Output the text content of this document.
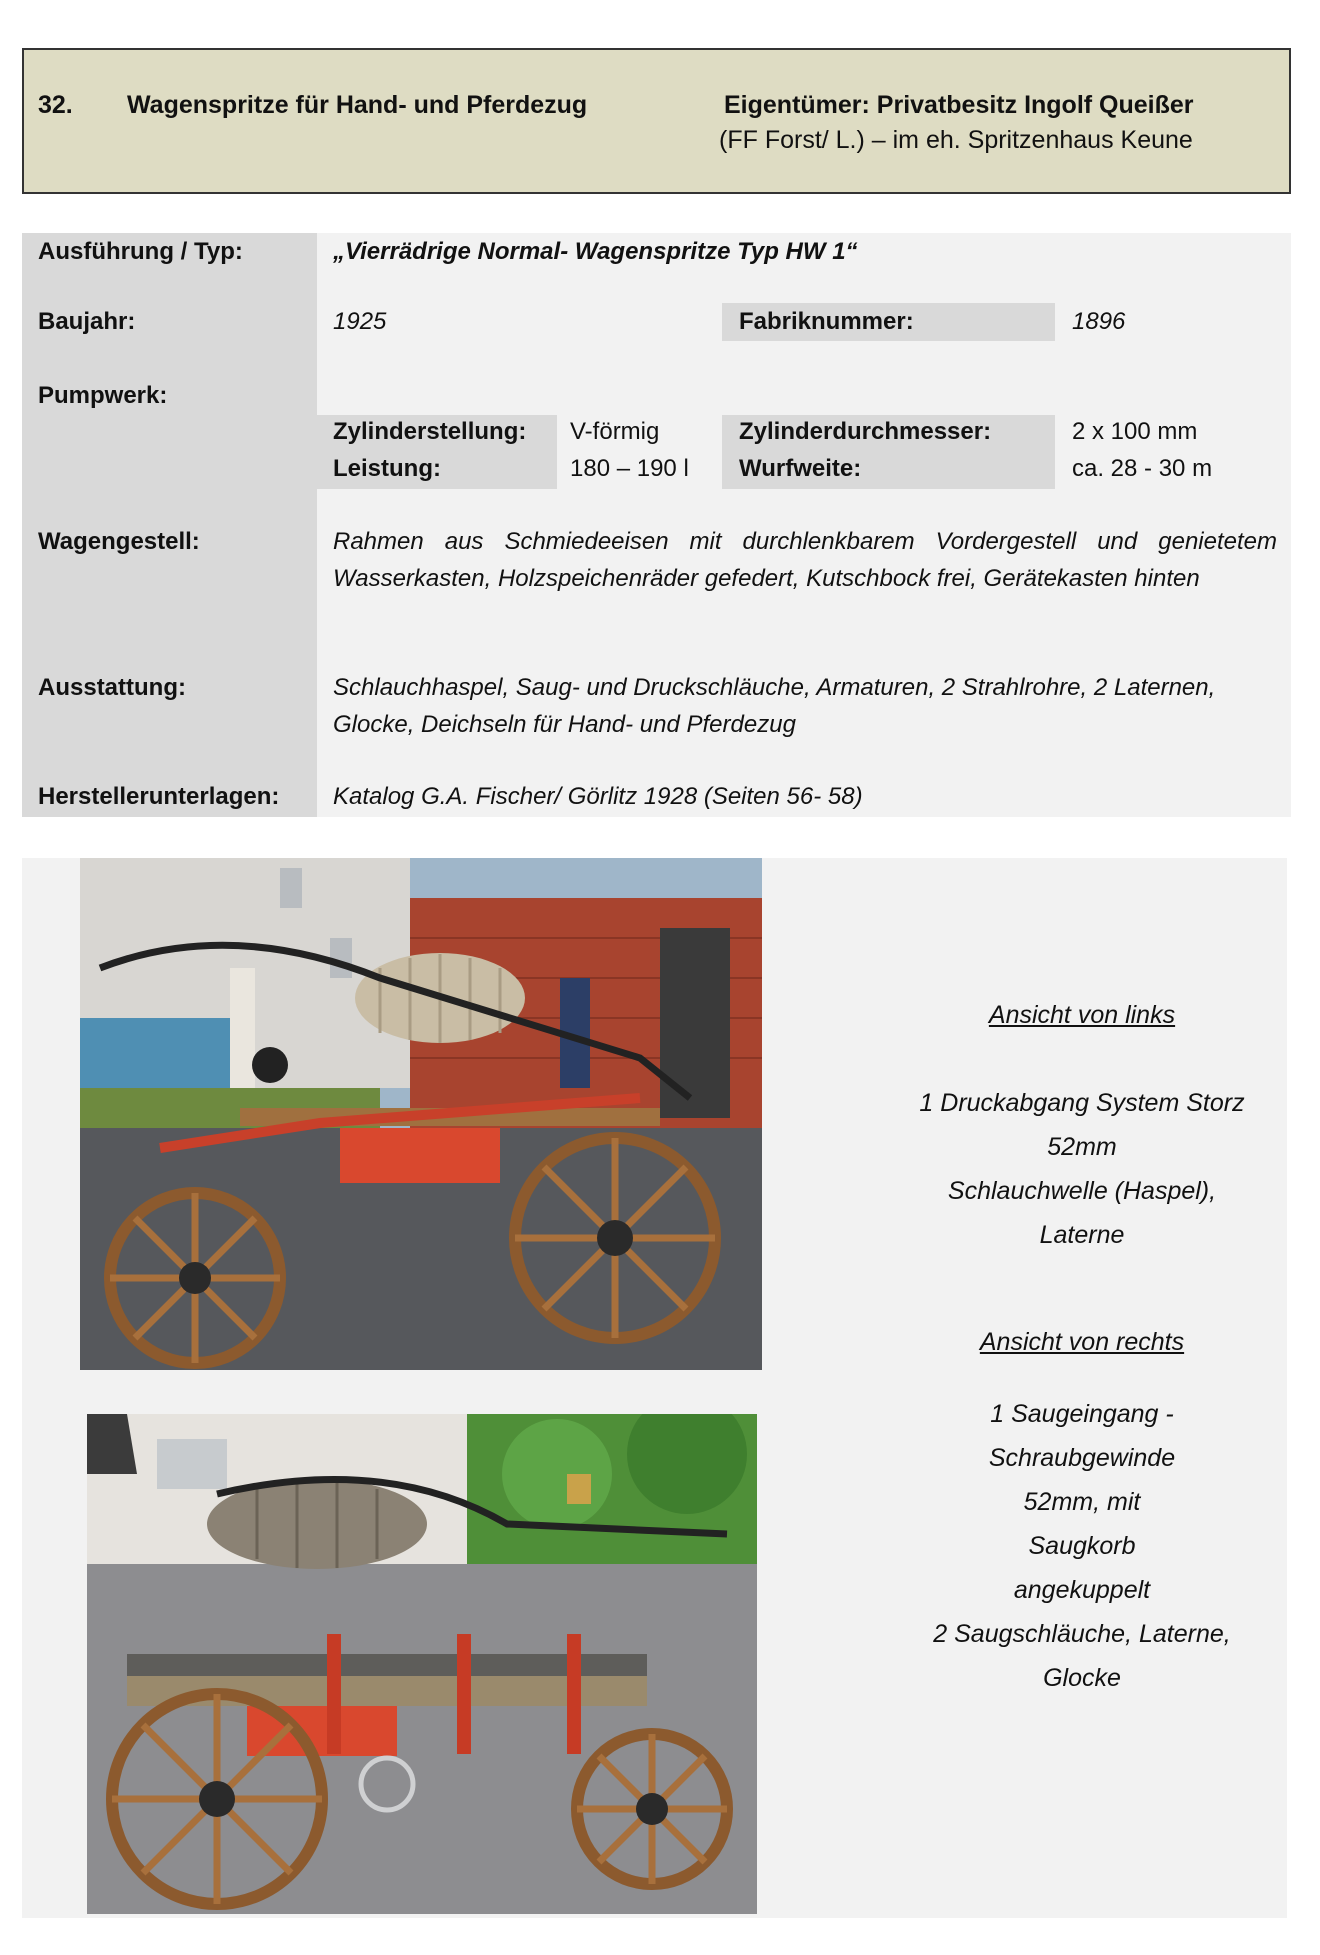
32. Wagenspritze für Hand- und Pferdezug	Eigentümer: Privatbesitz Ingolf Queißer
(FF Forst/ L.) – im eh. Spritzenhaus Keune
Ausführung / Typ:	„Vierrädrige Normal- Wagenspritze Typ HW 1“
Baujahr:	1925	Fabriknummer:	1896
Pumpwerk:
Zylinderstellung: V-förmig	Zylinderdurchmesser:	2 x 100 mm
Leistung:	180 – 190 l Wurfweite:	ca. 28 - 30 m
Wagengestell:	Rahmen aus Schmiedeeisen mit durchlenkbarem Vordergestell und genietetem Wasserkasten, Holzspeichenräder gefedert, Kutschbock frei, Gerätekasten hinten
Ausstattung:	Schlauchhaspel, Saug- und Druckschläuche, Armaturen, 2 Strahlrohre, 2 Laternen, Glocke, Deichseln für Hand- und Pferdezug
Herstellerunterlagen: Katalog G.A. Fischer/ Görlitz 1928 (Seiten 56- 58)
Ansicht von links
1 Druckabgang System Storz
52mm
Schlauchwelle (Haspel),
Laterne
Ansicht von rechts
1 Saugeingang -
Schraubgewinde
52mm, mit
Saugkorb
angekuppelt
2 Saugschläuche, Laterne,
Glocke
